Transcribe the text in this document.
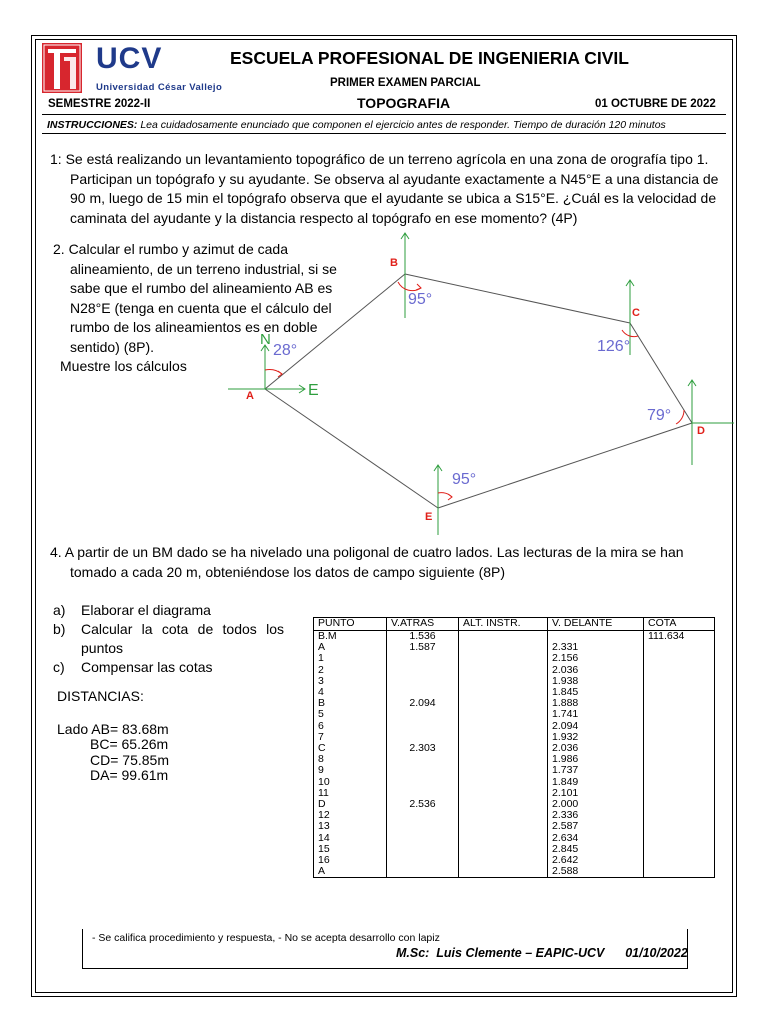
UCV
Universidad César Vallejo
ESCUELA PROFESIONAL DE INGENIERIA CIVIL
PRIMER EXAMEN PARCIAL
SEMESTRE 2022-II	TOPOGRAFIA	01 OCTUBRE DE 2022
INSTRUCCIONES: Lea cuidadosamente enunciado que componen el ejercicio antes de responder. Tiempo de duración 120 minutos
1: Se está realizando un levantamiento topográfico de un terreno agrícola en una zona de orografía tipo 1.
Participan un topógrafo y su ayudante. Se observa al ayudante exactamente a N45°E a una distancia de
90 m, luego de 15 min el topógrafo observa que el ayudante se ubica a S15°E. ¿Cuál es la velocidad de
caminata del ayudante y la distancia respecto al topógrafo en ese momento? (4P)
2. Calcular el rumbo y azimut de cada
alineamiento, de un terreno industrial, si se
sabe que el rumbo del alineamiento AB es
N28°E (tenga en cuenta que el cálculo del
rumbo de los alineamientos es en doble
sentido) (8P).
Muestre los cálculos
A
B
C
D
E
N
E
28°
95°
126°
79°
95°
4. A partir de un BM dado se ha nivelado una poligonal de cuatro lados. Las lecturas de la mira se han
tomado a cada 20 m, obteniéndose los datos de campo siguiente (8P)
a) Elaborar el diagrama
b) Calcular la cota de todos los
puntos
c) Compensar las cotas
DISTANCIAS:
Lado AB= 83.68m
BC= 65.26m
CD= 75.85m
DA= 99.61m
PUNTO	V.ATRAS	ALT. INSTR.	V. DELANTE	COTA
B.M	1.536			111.634
A	1.587		2.331	
1			2.156	
2			2.036	
3			1.938	
4			1.845	
B	2.094		1.888	
5			1.741	
6			2.094	
7			1.932	
C	2.303		2.036	
8			1.986	
9			1.737	
10			1.849	
11			2.101	
D	2.536		2.000	
12			2.336	
13			2.587	
14			2.634	
15			2.845	
16			2.642	
A			2.588	
- Se califica procedimiento y respuesta, - No se acepta desarrollo con lapiz
M.Sc:  Luis Clemente – EAPIC-UCV      01/10/2022
